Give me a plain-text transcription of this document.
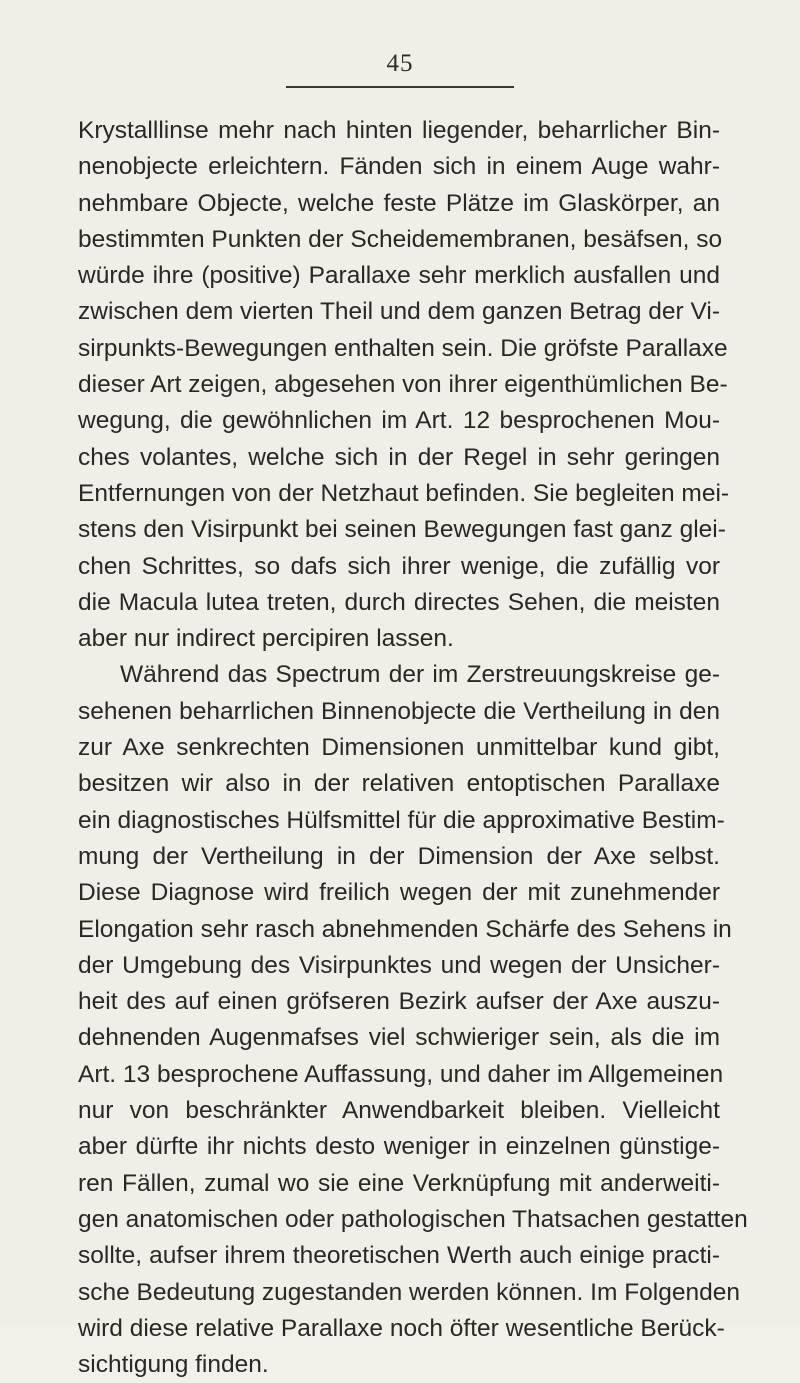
45
Krystalllinse mehr nach hinten liegender, beharrlicher Bin-
nenobjecte erleichtern. Fänden sich in einem Auge wahr-
nehmbare Objecte, welche feste Plätze im Glaskörper, an
bestimmten Punkten der Scheidemembranen, besäfsen, so
würde ihre (positive) Parallaxe sehr merklich ausfallen und
zwischen dem vierten Theil und dem ganzen Betrag der Vi-
sirpunkts-Bewegungen enthalten sein. Die gröfste Parallaxe
dieser Art zeigen, abgesehen von ihrer eigenthümlichen Be-
wegung, die gewöhnlichen im Art. 12 besprochenen Mou-
ches volantes, welche sich in der Regel in sehr geringen
Entfernungen von der Netzhaut befinden. Sie begleiten mei-
stens den Visirpunkt bei seinen Bewegungen fast ganz glei-
chen Schrittes, so dafs sich ihrer wenige, die zufällig vor
die Macula lutea treten, durch directes Sehen, die meisten
aber nur indirect percipiren lassen.
Während das Spectrum der im Zerstreuungskreise ge-
sehenen beharrlichen Binnenobjecte die Vertheilung in den
zur Axe senkrechten Dimensionen unmittelbar kund gibt,
besitzen wir also in der relativen entoptischen Parallaxe
ein diagnostisches Hülfsmittel für die approximative Bestim-
mung der Vertheilung in der Dimension der Axe selbst.
Diese Diagnose wird freilich wegen der mit zunehmender
Elongation sehr rasch abnehmenden Schärfe des Sehens in
der Umgebung des Visirpunktes und wegen der Unsicher-
heit des auf einen gröfseren Bezirk aufser der Axe auszu-
dehnenden Augenmafses viel schwieriger sein, als die im
Art. 13 besprochene Auffassung, und daher im Allgemeinen
nur von beschränkter Anwendbarkeit bleiben. Vielleicht
aber dürfte ihr nichts desto weniger in einzelnen günstige-
ren Fällen, zumal wo sie eine Verknüpfung mit anderweiti-
gen anatomischen oder pathologischen Thatsachen gestatten
sollte, aufser ihrem theoretischen Werth auch einige practi-
sche Bedeutung zugestanden werden können. Im Folgenden
wird diese relative Parallaxe noch öfter wesentliche Berück-
sichtigung finden.
